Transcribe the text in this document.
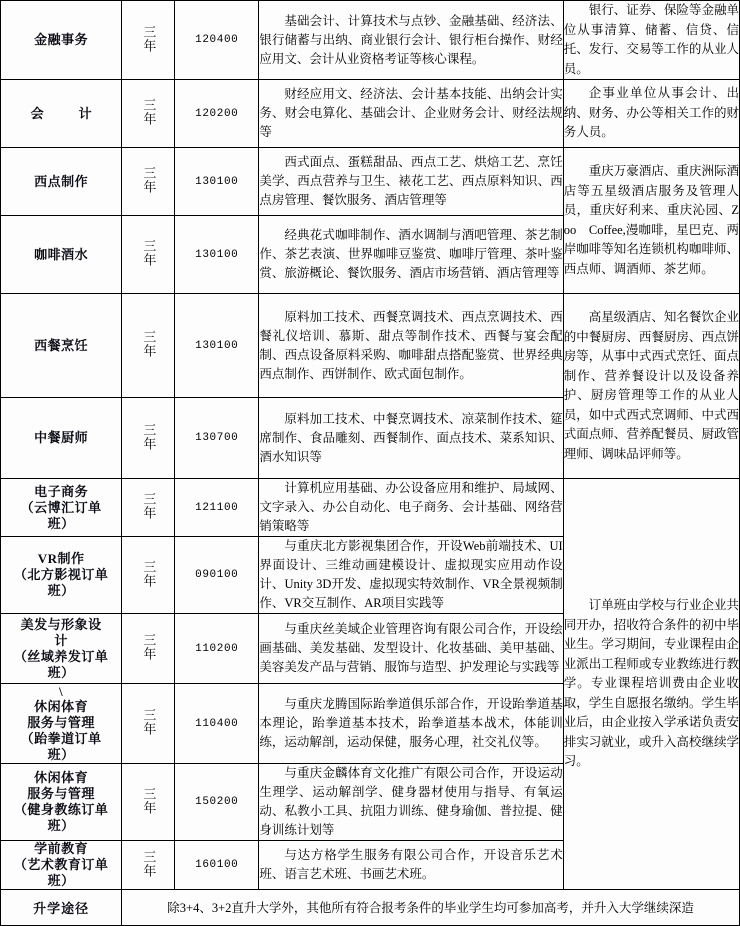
金融事务	三年	120400	基础会计、计算技术与点钞、金融基础、经济法、银行储蓄与出纳、商业银行会计、银行柜台操作、财经应用文、会计从业资格考证等核心课程。	银行、证券、保险等金融单位从事清算、储蓄、信贷、信托、发行、交易等工作的从业人员。

会　计	三年	120200	财经应用文、经济法、会计基本技能、出纳会计实务、财会电算化、基础会计、企业财务会计、财经法规等	企事业单位从事会计、出纳、财务、办公等相关工作的财务人员。

西点制作	三年	130100	西式面点、蛋糕甜品、西点工艺、烘焙工艺、烹饪美学、西点营养与卫生、裱花工艺、西点原料知识、西点房管理、餐饮服务、酒店管理等	重庆万豪酒店、重庆洲际酒店等五星级酒店服务及管理人员，重庆好利来、重庆沁园、Zoo　Coffee,漫咖啡，星巴克、两岸咖啡等知名连锁机构咖啡师、西点师、调酒师、茶艺师。

咖啡酒水	三年	130100	经典花式咖啡制作、酒水调制与酒吧管理、茶艺制作、茶艺表演、世界咖啡豆鉴赏、咖啡厅管理、茶叶鉴赏、旅游概论、餐饮服务、酒店市场营销、酒店管理等	

西餐烹饪	三年	130100	原料加工技术、西餐烹调技术、西点烹调技术、西餐礼仪培训、慕斯、甜点等制作技术、西餐与宴会配制、西点设备原料采购、咖啡甜点搭配鉴赏、世界经典西点制作、西饼制作、欧式面包制作。	高星级酒店、知名餐饮企业的中餐厨房、西餐厨房、西点饼房等，从事中式西式烹饪、面点制作、营养餐设计以及设备养护、厨房管理等工作的从业人员，如中式西式烹调师、中式西式面点师、营养配餐员、厨政管理师、调味品评师等。

中餐厨师	三年	130700	原料加工技术、中餐烹调技术、凉菜制作技术、筵席制作、食品雕刻、西餐制作、面点技术、菜系知识、酒水知识等	

电子商务
（云博汇订单
班）	三年	121100	计算机应用基础、办公设备应用和维护、局域网、文字录入、办公自动化、电子商务、会计基础、网络营销策略等	订单班由学校与行业企业共同开办，招收符合条件的初中毕业生。学习期间，专业课程由企业派出工程师或专业教练进行教学。专业课程培训费由企业收取，学生自愿报名缴纳。学生毕业后，由企业按入学承诺负责安排实习就业，或升入高校继续学习。

VR制作
（北方影视订单
班）	三年	090100	与重庆北方影视集团合作，开设Web前端技术、UI界面设计、三维动画建模设计、虚拟现实应用动作设计、Unity 3D开发、虚拟现实特效制作、VR全景视频制作、VR交互制作、AR项目实践等	

美发与形象设
计
（丝域养发订单
班）	三年	110200	与重庆丝美域企业管理咨询有限公司合作，开设绘画基础、美发基础、发型设计、化妆基础、美甲基础、美容美发产品与营销、服饰与造型、护发理论与实践等	

\
休闲体育
服务与管理
（跆拳道订单
班）	三年	110400	与重庆龙腾国际跆拳道俱乐部合作，开设跆拳道基本理论，跆拳道基本技术，跆拳道基本战术，体能训练，运动解剖，运动保健，服务心理，社交礼仪等。	

休闲体育
服务与管理
（健身教练订单
班）	三年	150200	与重庆金麟体育文化推广有限公司合作，开设运动生理学、运动解剖学、健身器材使用与指导、有氧运动、私教小工具、抗阻力训练、健身瑜伽、普拉提、健身训练计划等	

学前教育
（艺术教育订单
班）	三年	160100	与达方格学生服务有限公司合作，开设音乐艺术班、语言艺术班、书画艺术班。	
升学途径	除3+4、3+2直升大学外，其他所有符合报考条件的毕业学生均可参加高考，并升入大学继续深造			
